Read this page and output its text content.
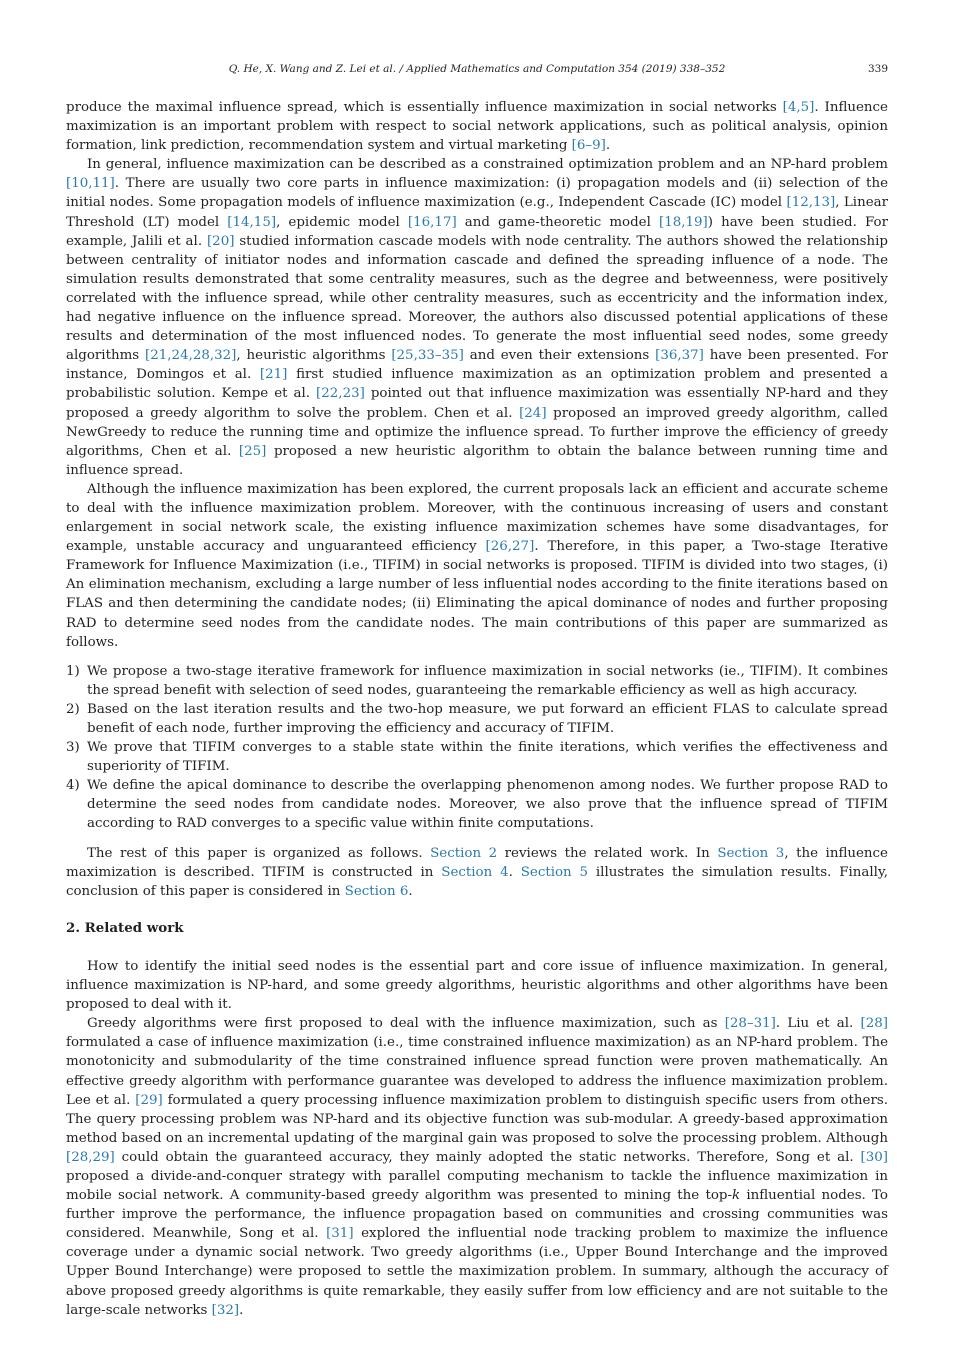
Q. He, X. Wang and Z. Lei et al. / Applied Mathematics and Computation 354 (2019) 338–352	339

produce the maximal influence spread, which is essentially influence maximization in social networks [4,5]. Influence maximization is an important problem with respect to social network applications, such as political analysis, opinion formation, link prediction, recommendation system and virtual marketing [6–9].

In general, influence maximization can be described as a constrained optimization problem and an NP-hard problem [10,11]. There are usually two core parts in influence maximization: (i) propagation models and (ii) selection of the initial nodes. Some propagation models of influence maximization (e.g., Independent Cascade (IC) model [12,13], Linear Threshold (LT) model [14,15], epidemic model [16,17] and game-theoretic model [18,19]) have been studied. For example, Jalili et al. [20] studied information cascade models with node centrality. The authors showed the relationship between centrality of initiator nodes and information cascade and defined the spreading influence of a node. The simulation results demonstrated that some centrality measures, such as the degree and betweenness, were positively correlated with the influence spread, while other centrality measures, such as eccentricity and the information index, had negative influence on the influence spread. Moreover, the authors also discussed potential applications of these results and determination of the most influenced nodes. To generate the most influential seed nodes, some greedy algorithms [21,24,28,32], heuristic algorithms [25,33–35] and even their extensions [36,37] have been presented. For instance, Domingos et al. [21] first studied influence maximization as an optimization problem and presented a probabilistic solution. Kempe et al. [22,23] pointed out that influence maximization was essentially NP-hard and they proposed a greedy algorithm to solve the problem. Chen et al. [24] proposed an improved greedy algorithm, called NewGreedy to reduce the running time and optimize the influence spread. To further improve the efficiency of greedy algorithms, Chen et al. [25] proposed a new heuristic algorithm to obtain the balance between running time and influence spread.

Although the influence maximization has been explored, the current proposals lack an efficient and accurate scheme to deal with the influence maximization problem. Moreover, with the continuous increasing of users and constant enlargement in social network scale, the existing influence maximization schemes have some disadvantages, for example, unstable accuracy and unguaranteed efficiency [26,27]. Therefore, in this paper, a Two-stage Iterative Framework for Influence Maximization (i.e., TIFIM) in social networks is proposed. TIFIM is divided into two stages, (i) An elimination mechanism, excluding a large number of less influential nodes according to the finite iterations based on FLAS and then determining the candidate nodes; (ii) Eliminating the apical dominance of nodes and further proposing RAD to determine seed nodes from the candidate nodes. The main contributions of this paper are summarized as follows.

1) We propose a two-stage iterative framework for influence maximization in social networks (ie., TIFIM). It combines the spread benefit with selection of seed nodes, guaranteeing the remarkable efficiency as well as high accuracy.
2) Based on the last iteration results and the two-hop measure, we put forward an efficient FLAS to calculate spread benefit of each node, further improving the efficiency and accuracy of TIFIM.
3) We prove that TIFIM converges to a stable state within the finite iterations, which verifies the effectiveness and superiority of TIFIM.
4) We define the apical dominance to describe the overlapping phenomenon among nodes. We further propose RAD to determine the seed nodes from candidate nodes. Moreover, we also prove that the influence spread of TIFIM according to RAD converges to a specific value within finite computations.

The rest of this paper is organized as follows. Section 2 reviews the related work. In Section 3, the influence maximization is described. TIFIM is constructed in Section 4. Section 5 illustrates the simulation results. Finally, conclusion of this paper is considered in Section 6.

2. Related work

How to identify the initial seed nodes is the essential part and core issue of influence maximization. In general, influence maximization is NP-hard, and some greedy algorithms, heuristic algorithms and other algorithms have been proposed to deal with it.

Greedy algorithms were first proposed to deal with the influence maximization, such as [28–31]. Liu et al. [28] formulated a case of influence maximization (i.e., time constrained influence maximization) as an NP-hard problem. The monotonicity and submodularity of the time constrained influence spread function were proven mathematically. An effective greedy algorithm with performance guarantee was developed to address the influence maximization problem. Lee et al. [29] formulated a query processing influence maximization problem to distinguish specific users from others. The query processing problem was NP-hard and its objective function was sub-modular. A greedy-based approximation method based on an incremental updating of the marginal gain was proposed to solve the processing problem. Although [28,29] could obtain the guaranteed accuracy, they mainly adopted the static networks. Therefore, Song et al. [30] proposed a divide-and-conquer strategy with parallel computing mechanism to tackle the influence maximization in mobile social network. A community-based greedy algorithm was presented to mining the top-k influential nodes. To further improve the performance, the influence propagation based on communities and crossing communities was considered. Meanwhile, Song et al. [31] explored the influential node tracking problem to maximize the influence coverage under a dynamic social network. Two greedy algorithms (i.e., Upper Bound Interchange and the improved Upper Bound Interchange) were proposed to settle the maximization problem. In summary, although the accuracy of above proposed greedy algorithms is quite remarkable, they easily suffer from low efficiency and are not suitable to the large-scale networks [32].
